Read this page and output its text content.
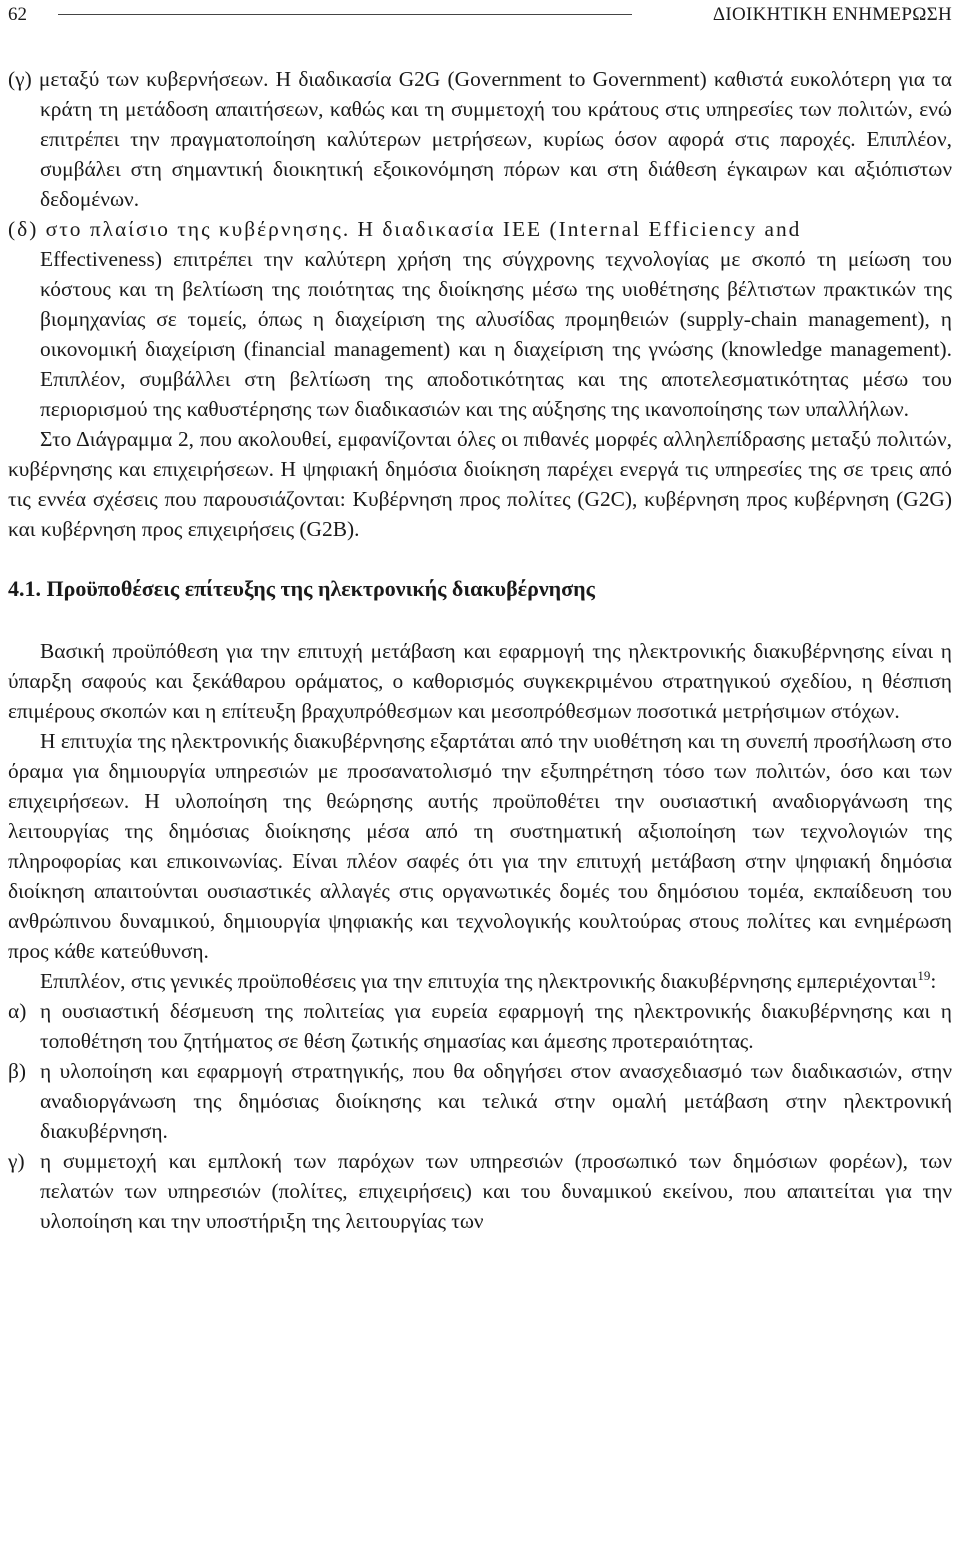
62	ΔΙΟΙΚΗΤΙΚΗ ΕΝΗΜΕΡΩΣΗ

(γ) μεταξύ των κυβερνήσεων. Η διαδικασία G2G (Government to Government) καθιστά ευκολότερη για τα κράτη τη μετάδοση απαιτήσεων, καθώς και τη συμμετοχή του κράτους στις υπηρεσίες των πολιτών, ενώ επιτρέπει την πραγματοποίηση καλύτερων μετρήσεων, κυρίως όσον αφορά στις παροχές. Επιπλέον, συμβάλει στη σημαντική διοικητική εξοικονόμηση πόρων και στη διάθεση έγκαιρων και αξιόπιστων δεδομένων.

(δ) στο πλαίσιο της κυβέρνησης. Η διαδικασία IEE (Internal Efficiency and

Effectiveness) επιτρέπει την καλύτερη χρήση της σύγχρονης τεχνολογίας με σκοπό τη μείωση του κόστους και τη βελτίωση της ποιότητας της διοίκησης μέσω της υιοθέτησης βέλτιστων πρακτικών της βιομηχανίας σε τομείς, όπως η διαχείριση της αλυσίδας προμηθειών (supply-chain management), η οικονομική διαχείριση (financial management) και η διαχείριση της γνώσης (knowledge management). Επιπλέον, συμβάλλει στη βελτίωση της αποδοτικότητας και της αποτελεσματικότητας μέσω του περιορισμού της καθυστέρησης των διαδικασιών και της αύξησης της ικανοποίησης των υπαλλήλων.

Στο Διάγραμμα 2, που ακολουθεί, εμφανίζονται όλες οι πιθανές μορφές αλληλεπίδρασης μεταξύ πολιτών, κυβέρνησης και επιχειρήσεων. Η ψηφιακή δημόσια διοίκηση παρέχει ενεργά τις υπηρεσίες της σε τρεις από τις εννέα σχέσεις που παρουσιάζονται: Κυβέρνηση προς πολίτες (G2C), κυβέρνηση προς κυβέρνηση (G2G) και κυβέρνηση προς επιχειρήσεις (G2B).

4.1. Προϋποθέσεις επίτευξης της ηλεκτρονικής διακυβέρνησης

Βασική προϋπόθεση για την επιτυχή μετάβαση και εφαρμογή της ηλεκτρονικής διακυβέρνησης είναι η ύπαρξη σαφούς και ξεκάθαρου οράματος, ο καθορισμός συγκεκριμένου στρατηγικού σχεδίου, η θέσπιση επιμέρους σκοπών και η επίτευξη βραχυπρόθεσμων και μεσοπρόθεσμων ποσοτικά μετρήσιμων στόχων.

Η επιτυχία της ηλεκτρονικής διακυβέρνησης εξαρτάται από την υιοθέτηση και τη συνεπή προσήλωση στο όραμα για δημιουργία υπηρεσιών με προσανατολισμό την εξυπηρέτηση τόσο των πολιτών, όσο και των επιχειρήσεων. Η υλοποίηση της θεώρησης αυτής προϋποθέτει την ουσιαστική αναδιοργάνωση της λειτουργίας της δημόσιας διοίκησης μέσα από τη συστηματική αξιοποίηση των τεχνολογιών της πληροφορίας και επικοινωνίας. Είναι πλέον σαφές ότι για την επιτυχή μετάβαση στην ψηφιακή δημόσια διοίκηση απαιτούνται ουσιαστικές αλλαγές στις οργανωτικές δομές του δημόσιου τομέα, εκπαίδευση του ανθρώπινου δυναμικού, δημιουργία ψηφιακής και τεχνολογικής κουλτούρας στους πολίτες και ενημέρωση προς κάθε κατεύθυνση.

Επιπλέον, στις γενικές προϋποθέσεις για την επιτυχία της ηλεκτρονικής διακυβέρνησης εμπεριέχονται$^{19}$:

α) η ουσιαστική δέσμευση της πολιτείας για ευρεία εφαρμογή της ηλεκτρονικής διακυβέρνησης και η τοποθέτηση του ζητήματος σε θέση ζωτικής σημασίας και άμεσης προτεραιότητας.

β) η υλοποίηση και εφαρμογή στρατηγικής, που θα οδηγήσει στον ανασχεδιασμό των διαδικασιών, στην αναδιοργάνωση της δημόσιας διοίκησης και τελικά στην ομαλή μετάβαση στην ηλεκτρονική διακυβέρνηση.

γ) η συμμετοχή και εμπλοκή των παρόχων των υπηρεσιών (προσωπικό των δημόσιων φορέων), των πελατών των υπηρεσιών (πολίτες, επιχειρήσεις) και του δυναμικού εκείνου, που απαιτείται για την υλοποίηση και την υποστήριξη της λειτουργίας των
